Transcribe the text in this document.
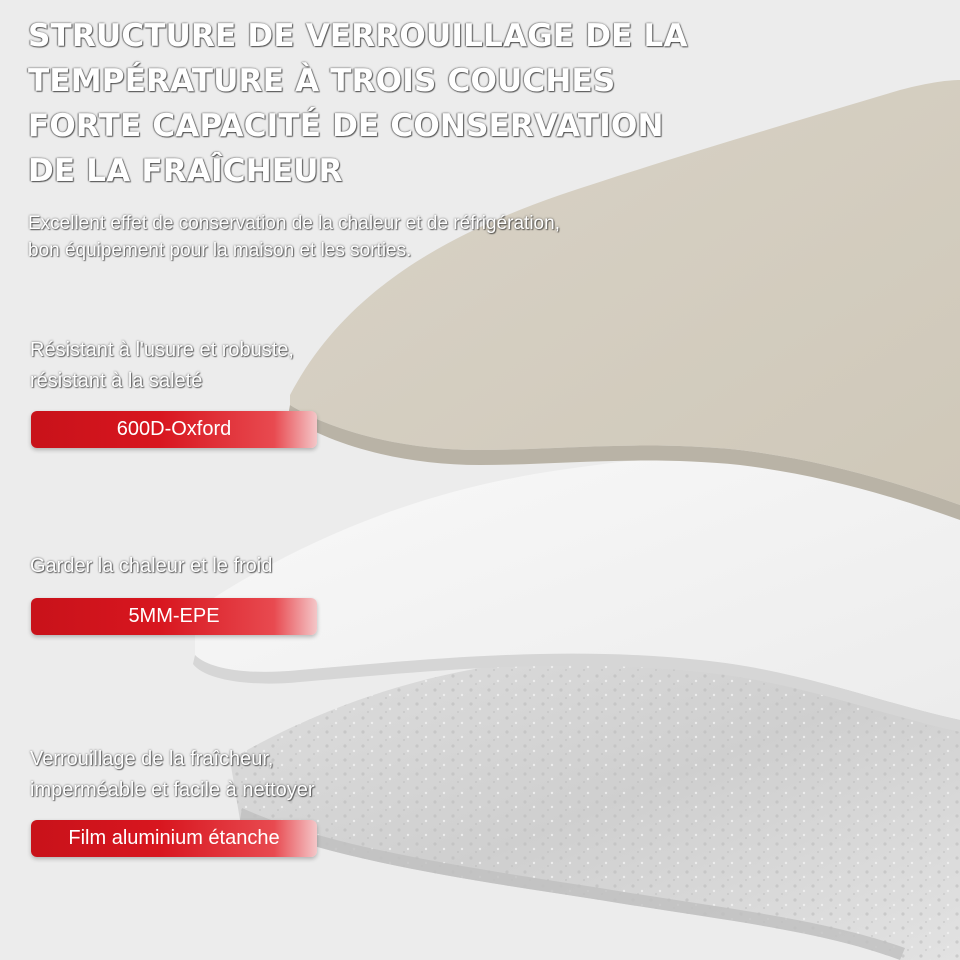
STRUCTURE DE VERROUILLAGE DE LA
TEMPÉRATURE À TROIS COUCHES
FORTE CAPACITÉ DE CONSERVATION
DE LA FRAÎCHEUR
Excellent effet de conservation de la chaleur et de réfrigération,
bon équipement pour la maison et les sorties.
Résistant à l'usure et robuste,
résistant à la saleté
600D-Oxford
Garder la chaleur et le froid
5MM-EPE
Verrouillage de la fraîcheur,
imperméable et facile à nettoyer
Film aluminium étanche
